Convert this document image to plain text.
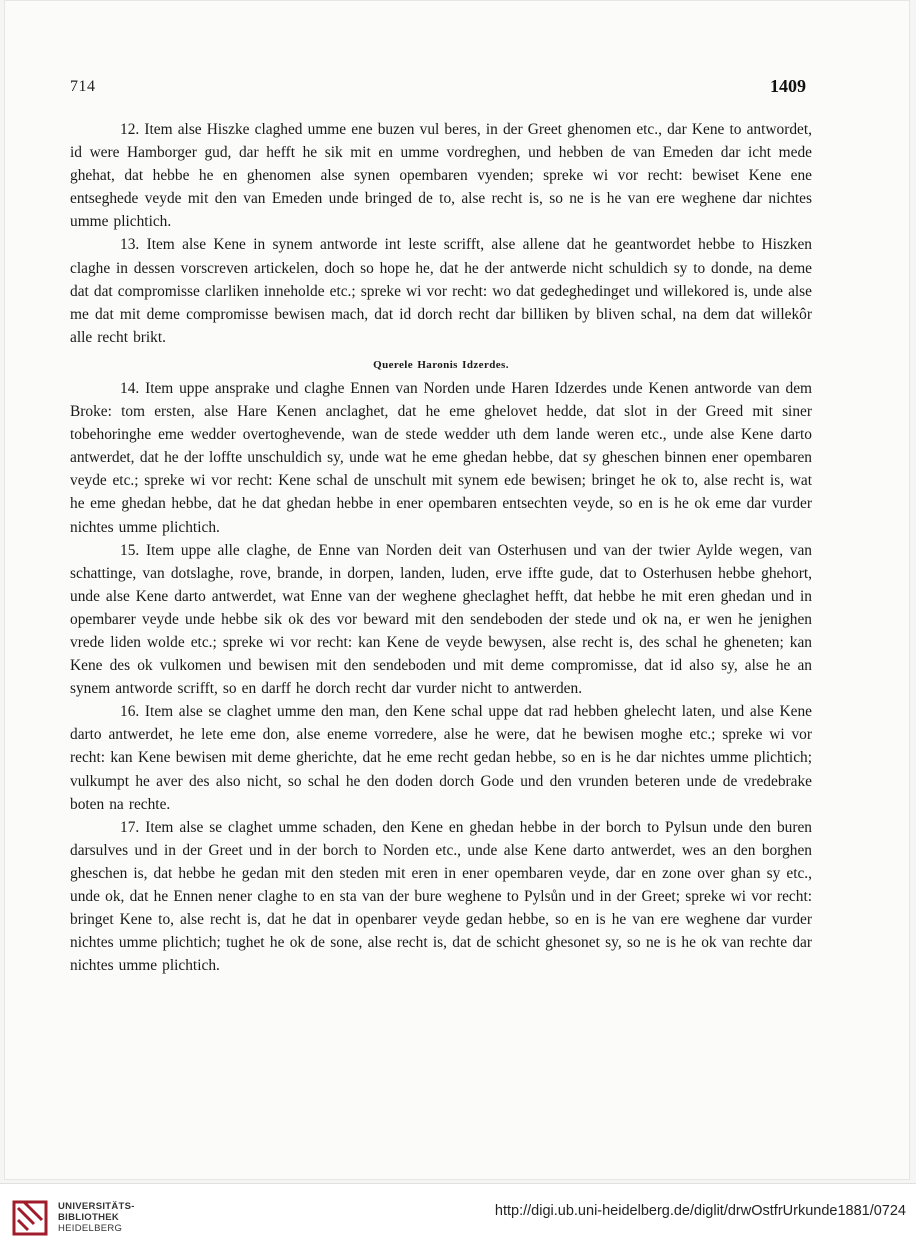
714	1409

12. Item alse Hiszke claghed umme ene buzen vul beres, in der Greet ghenomen etc., dar Kene to antwordet, id were Hamborger gud, dar hefft he sik mit en umme vordreghen, und hebben de van Emeden dar icht mede ghehat, dat hebbe he en ghenomen alse synen opembaren vyenden; spreke wi vor recht: bewiset Kene ene entseghede veyde mit den van Emeden unde bringed de to, alse recht is, so ne is he van ere weghene dar nichtes umme plichtich.

13. Item alse Kene in synem antworde int leste scrifft, alse allene dat he geantwordet hebbe to Hiszken claghe in dessen vorscreven artickelen, doch so hope he, dat he der antwerde nicht schuldich sy to donde, na deme dat dat compromisse clarliken inneholde etc.; spreke wi vor recht: wo dat gedeghedinget und willekored is, unde alse me dat mit deme compromisse bewisen mach, dat id dorch recht dar billiken by bliven schal, na dem dat willekôr alle recht brikt.

Querele Haronis Idzerdes.

14. Item uppe ansprake und claghe Ennen van Norden unde Haren Idzerdes unde Kenen antworde van dem Broke: tom ersten, alse Hare Kenen anclaghet, dat he eme ghelovet hedde, dat slot in der Greed mit siner tobehoringhe eme wedder overtoghevende, wan de stede wedder uth dem lande weren etc., unde alse Kene darto antwerdet, dat he der loffte unschuldich sy, unde wat he eme ghedan hebbe, dat sy gheschen binnen ener opembaren veyde etc.; spreke wi vor recht: Kene schal de unschult mit synem ede bewisen; bringet he ok to, alse recht is, wat he eme ghedan hebbe, dat he dat ghedan hebbe in ener opembaren entsechten veyde, so en is he ok eme dar vurder nichtes umme plichtich.

15. Item uppe alle claghe, de Enne van Norden deit van Osterhusen und van der twier Aylde wegen, van schattinge, van dotslaghe, rove, brande, in dorpen, landen, luden, erve iffte gude, dat to Osterhusen hebbe ghehort, unde alse Kene darto antwerdet, wat Enne van der weghene gheclaghet hefft, dat hebbe he mit eren ghedan und in opembarer veyde unde hebbe sik ok des vor beward mit den sendeboden der stede und ok na, er wen he jenighen vrede liden wolde etc.; spreke wi vor recht: kan Kene de veyde bewysen, alse recht is, des schal he gheneten; kan Kene des ok vulkomen und bewisen mit den sendeboden und mit deme compromisse, dat id also sy, alse he an synem antworde scrifft, so en darff he dorch recht dar vurder nicht to antwerden.

16. Item alse se claghet umme den man, den Kene schal uppe dat rad hebben ghelecht laten, und alse Kene darto antwerdet, he lete eme don, alse eneme vorredere, alse he were, dat he bewisen moghe etc.; spreke wi vor recht: kan Kene bewisen mit deme gherichte, dat he eme recht gedan hebbe, so en is he dar nichtes umme plichtich; vulkumpt he aver des also nicht, so schal he den doden dorch Gode und den vrunden beteren unde de vredebrake boten na rechte.

17. Item alse se claghet umme schaden, den Kene en ghedan hebbe in der borch to Pylsun unde den buren darsulves und in der Greet und in der borch to Norden etc., unde alse Kene darto antwerdet, wes an den borghen gheschen is, dat hebbe he gedan mit den steden mit eren in ener opembaren veyde, dar en zone over ghan sy etc., unde ok, dat he Ennen nener claghe to en sta van der bure weghene to Pylsůn und in der Greet; spreke wi vor recht: bringet Kene to, alse recht is, dat he dat in openbarer veyde gedan hebbe, so en is he van ere weghene dar vurder nichtes umme plichtich; tughet he ok de sone, alse recht is, dat de schicht ghesonet sy, so ne is he ok van rechte dar nichtes umme plichtich.

UNIVERSITÄTS-
BIBLIOTHEK
HEIDELBERG
http://digi.ub.uni-heidelberg.de/diglit/drwOstfrUrkunde1881/0724
